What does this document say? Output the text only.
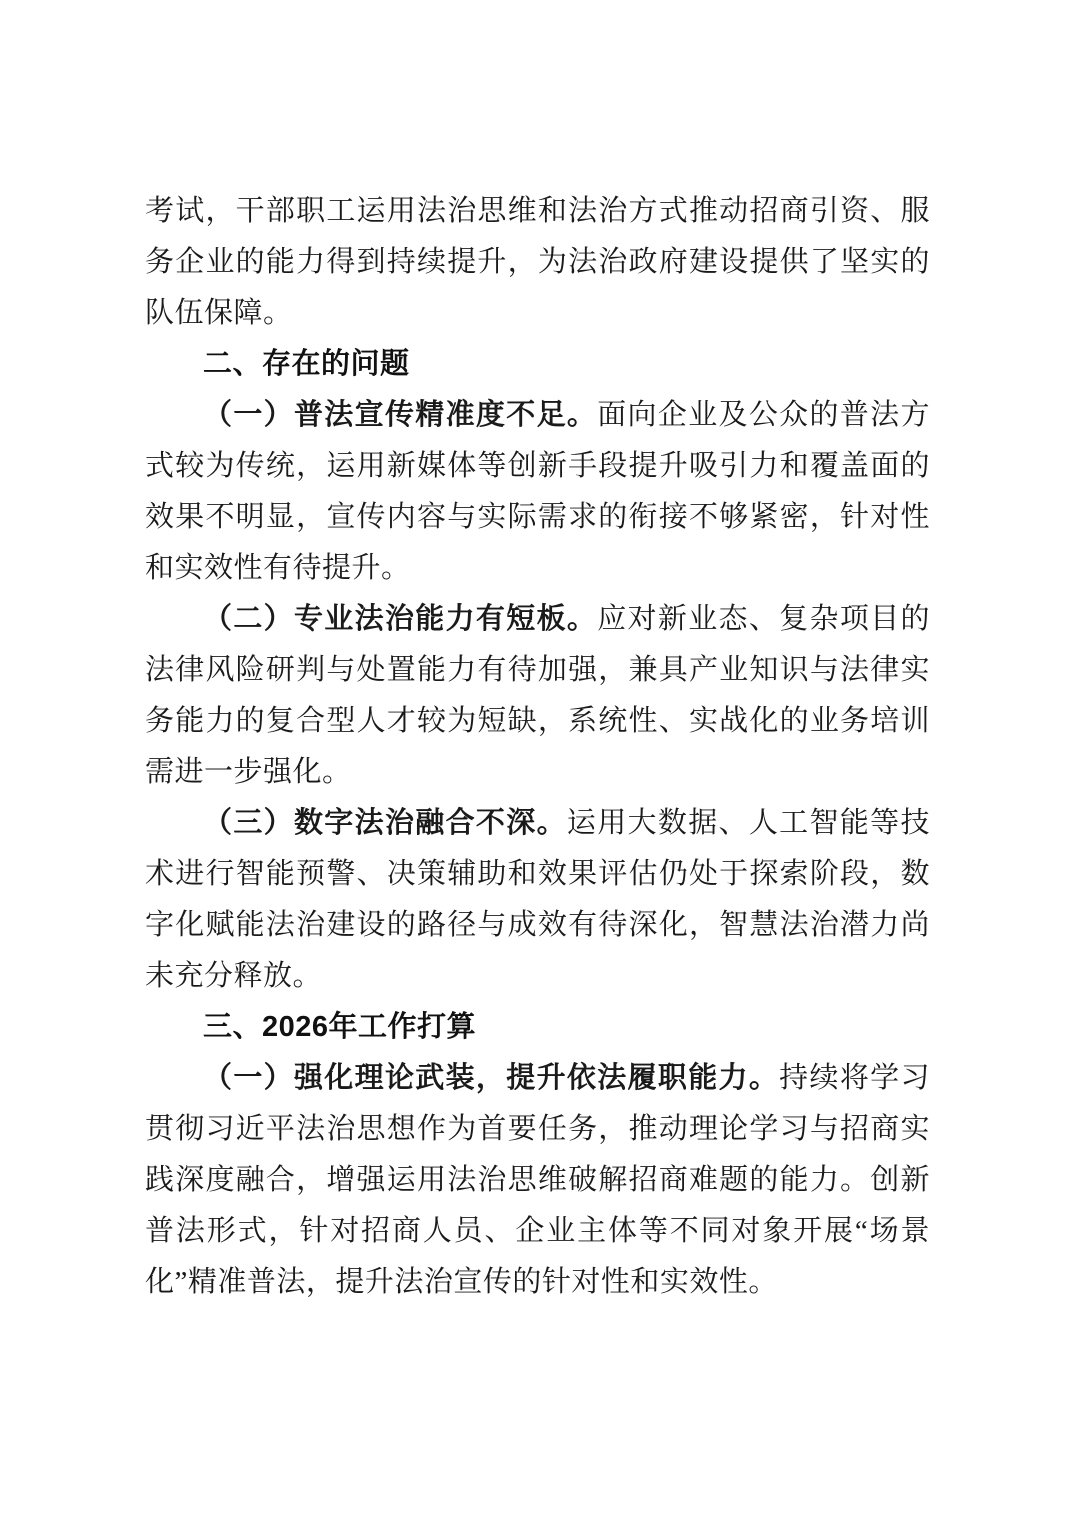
考试，干部职工运用法治思维和法治方式推动招商引资、服务企业的能力得到持续提升，为法治政府建设提供了坚实的队伍保障。

二、存在的问题

（一）普法宣传精准度不足。面向企业及公众的普法方式较为传统，运用新媒体等创新手段提升吸引力和覆盖面的效果不明显，宣传内容与实际需求的衔接不够紧密，针对性和实效性有待提升。

（二）专业法治能力有短板。应对新业态、复杂项目的法律风险研判与处置能力有待加强，兼具产业知识与法律实务能力的复合型人才较为短缺，系统性、实战化的业务培训需进一步强化。

（三）数字法治融合不深。运用大数据、人工智能等技术进行智能预警、决策辅助和效果评估仍处于探索阶段，数字化赋能法治建设的路径与成效有待深化，智慧法治潜力尚未充分释放。

三、2026年工作打算

（一）强化理论武装，提升依法履职能力。持续将学习贯彻习近平法治思想作为首要任务，推动理论学习与招商实践深度融合，增强运用法治思维破解招商难题的能力。创新普法形式，针对招商人员、企业主体等不同对象开展“场景化”精准普法，提升法治宣传的针对性和实效性。
